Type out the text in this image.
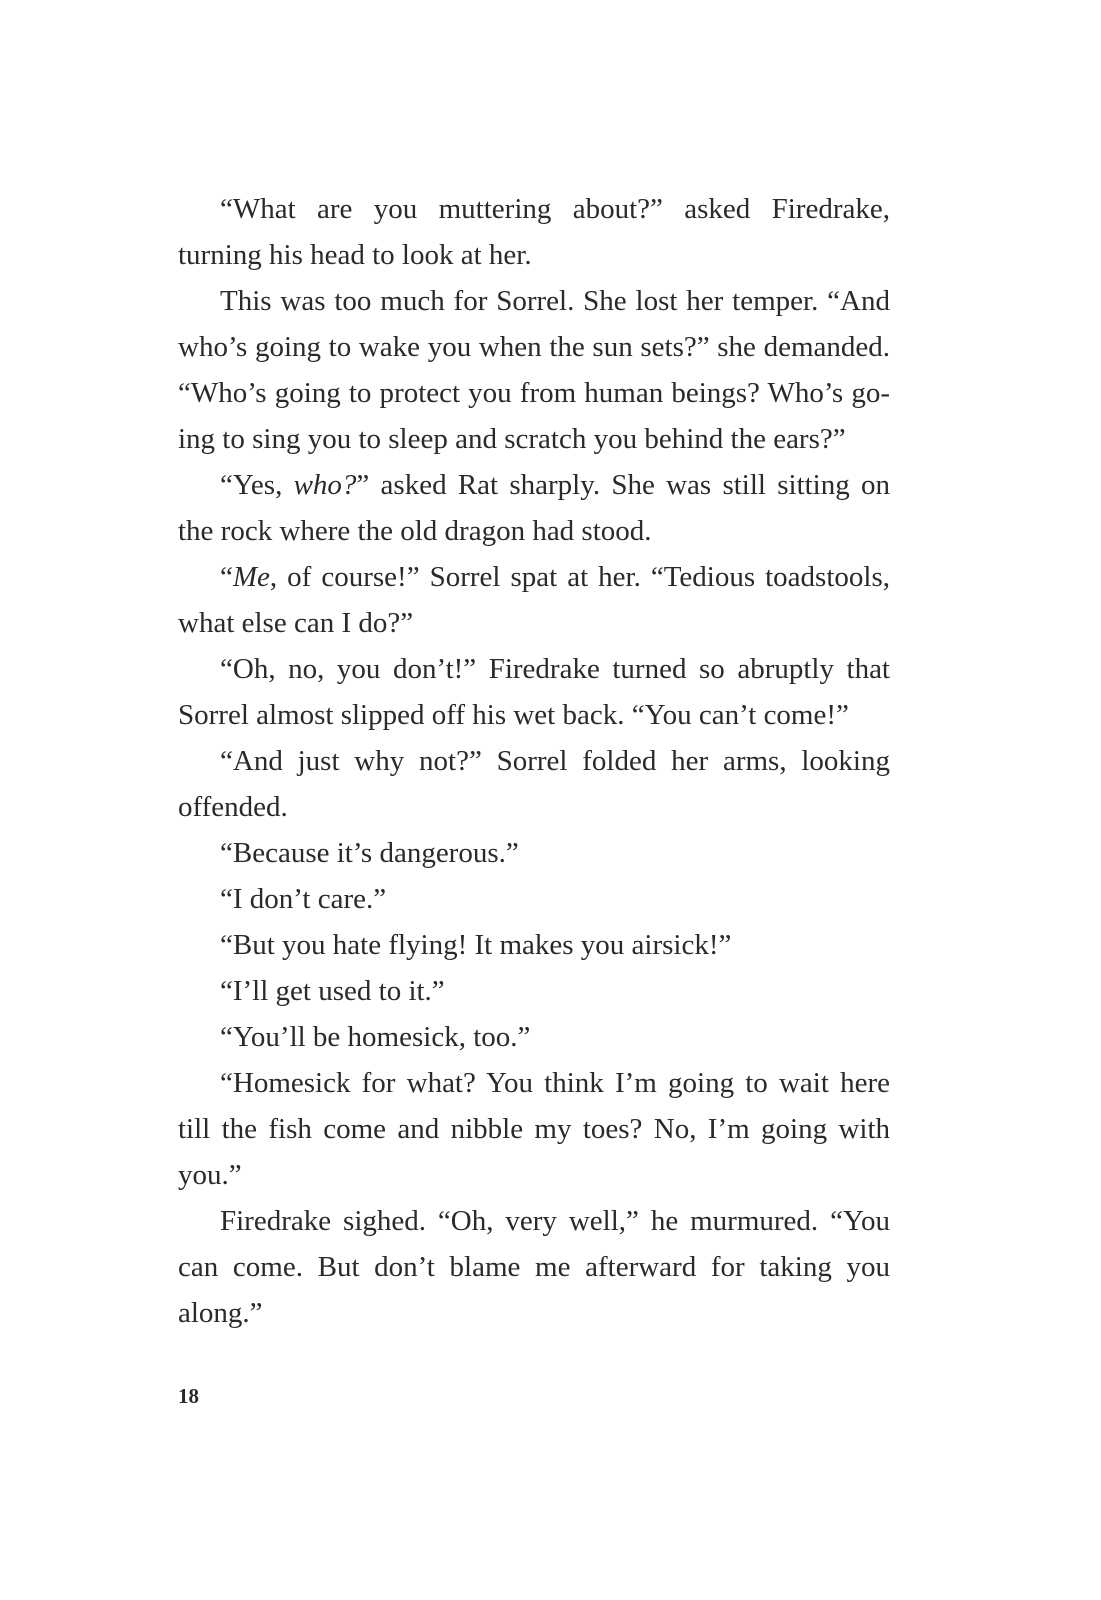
“What are you muttering about?” asked Firedrake, turning his head to look at her.

This was too much for Sorrel. She lost her temper. “And who’s going to wake you when the sun sets?” she demanded. “Who’s going to protect you from human beings? Who’s go- ing to sing you to sleep and scratch you behind the ears?”

“Yes, who?” asked Rat sharply. She was still sitting on the rock where the old dragon had stood.

“Me, of course!” Sorrel spat at her. “Tedious toadstools, what else can I do?”

“Oh, no, you don’t!” Firedrake turned so abruptly that Sorrel almost slipped off his wet back. “You can’t come!”

“And just why not?” Sorrel folded her arms, looking offended.

“Because it’s dangerous.”

“I don’t care.”

“But you hate flying! It makes you airsick!”

“I’ll get used to it.”

“You’ll be homesick, too.”

“Homesick for what? You think I’m going to wait here till the fish come and nibble my toes? No, I’m going with you.”

Firedrake sighed. “Oh, very well,” he murmured. “You can come. But don’t blame me afterward for taking you along.”

18
